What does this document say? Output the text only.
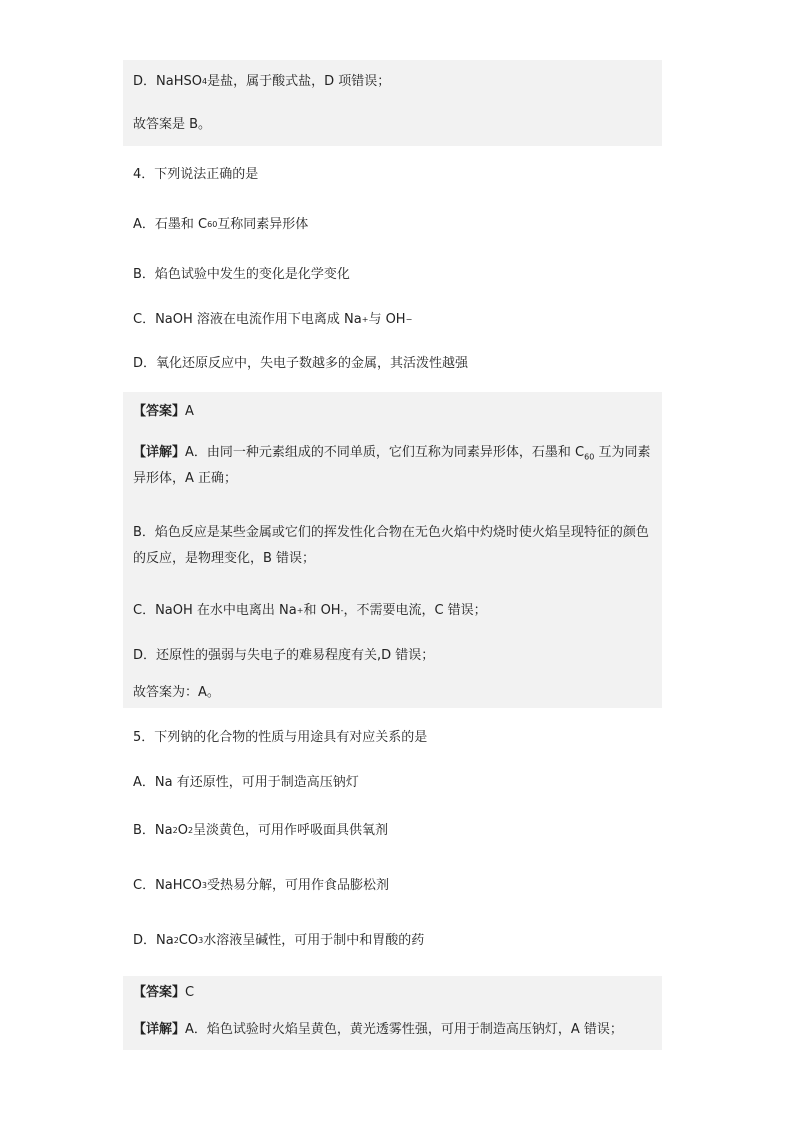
D． NaHSO 4 是盐，属于酸式盐，D 项错误；
故答案是 B。
4．下列说法正确的是
A．石墨和 C 60 互称同素异形体
B．焰色试验中发生的变化是化学变化
C．NaOH 溶液在电流作用下电离成 Na + 与 OH −
D．氧化还原反应中，失电子数越多的金属，其活泼性越强
【答案】 A
【详解】A．由同一种元素组成的不同单质，它们互称为同素异形体，石墨和 $C_{60}$ 互为同素异形体，A 正确；
B．焰色反应是某些金属或它们的挥发性化合物在无色火焰中灼烧时使火焰呈现特征的颜色的反应，是物理变化，B 错误；
C．NaOH 在水中电离出 Na + 和 OH - ，不需要电流，C 错误；
D．还原性的强弱与失电子的难易程度有关,D 错误；
故答案为：A。
5．下列钠的化合物的性质与用途具有对应关系的是
A．Na 有还原性，可用于制造高压钠灯
B．Na 2 O 2 呈淡黄色，可用作呼吸面具供氧剂
C．NaHCO 3 受热易分解，可用作食品膨松剂
D．Na 2 CO 3 水溶液呈碱性，可用于制中和胃酸的药
【答案】 C
【详解】 A．焰色试验时火焰呈黄色，黄光透雾性强，可用于制造高压钠灯，A 错误；
